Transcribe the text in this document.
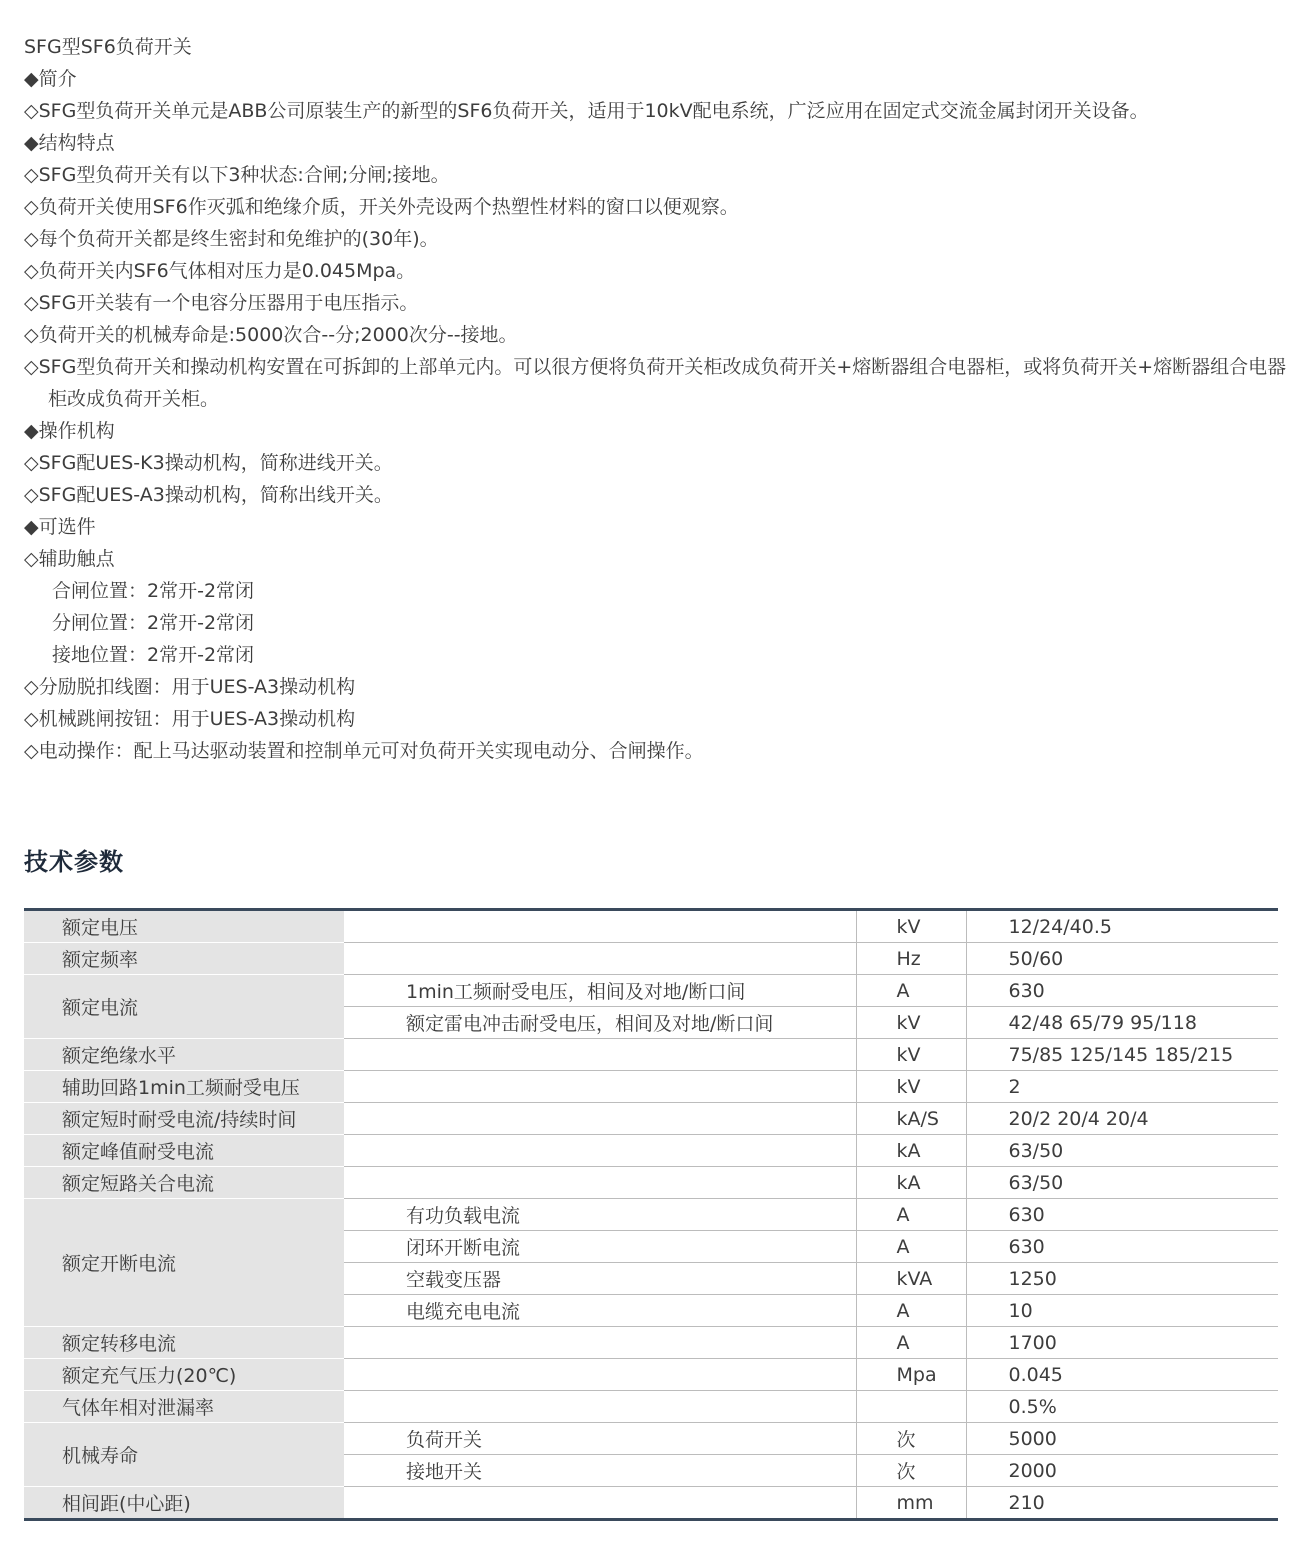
SFG型SF6负荷开关
◆简介
◇SFG型负荷开关单元是ABB公司原装生产的新型的SF6负荷开关，适用于10kV配电系统，广泛应用在固定式交流金属封闭开关设备。
◆结构特点
◇SFG型负荷开关有以下3种状态:合闸;分闸;接地。
◇负荷开关使用SF6作灭弧和绝缘介质，开关外壳设两个热塑性材料的窗口以便观察。
◇每个负荷开关都是终生密封和免维护的(30年)。
◇负荷开关内SF6气体相对压力是0.045Mpa。
◇SFG开关装有一个电容分压器用于电压指示。
◇负荷开关的机械寿命是:5000次合--分;2000次分--接地。
◇SFG型负荷开关和操动机构安置在可拆卸的上部单元内。可以很方便将负荷开关柜改成负荷开关+熔断器组合电器柜，或将负荷开关+熔断器组合电器柜改成负荷开关柜。
◆操作机构
◇SFG配UES-K3操动机构，简称进线开关。
◇SFG配UES-A3操动机构，简称出线开关。
◆可选件
◇辅助触点
合闸位置：2常开-2常闭
分闸位置：2常开-2常闭
接地位置：2常开-2常闭
◇分励脱扣线圈：用于UES-A3操动机构
◇机械跳闸按钮：用于UES-A3操动机构
◇电动操作：配上马达驱动装置和控制单元可对负荷开关实现电动分、合闸操作。
技术参数
额定电压		kV	12/24/40.5
额定频率		Hz	50/60
额定电流	1min工频耐受电压，相间及对地/断口间	A	630
	额定雷电冲击耐受电压，相间及对地/断口间	kV	42/48 65/79 95/118
额定绝缘水平		kV	75/85 125/145 185/215
辅助回路1min工频耐受电压		kV	2
额定短时耐受电流/持续时间		kA/S	20/2 20/4 20/4
额定峰值耐受电流		kA	63/50
额定短路关合电流		kA	63/50
额定开断电流	有功负载电流	A	630
	闭环开断电流	A	630
	空载变压器	kVA	1250
	电缆充电电流	A	10
额定转移电流		A	1700
额定充气压力(20℃)		Mpa	0.045
气体年相对泄漏率			0.5%
机械寿命	负荷开关	次	5000
	接地开关	次	2000
相间距(中心距)		mm	210
